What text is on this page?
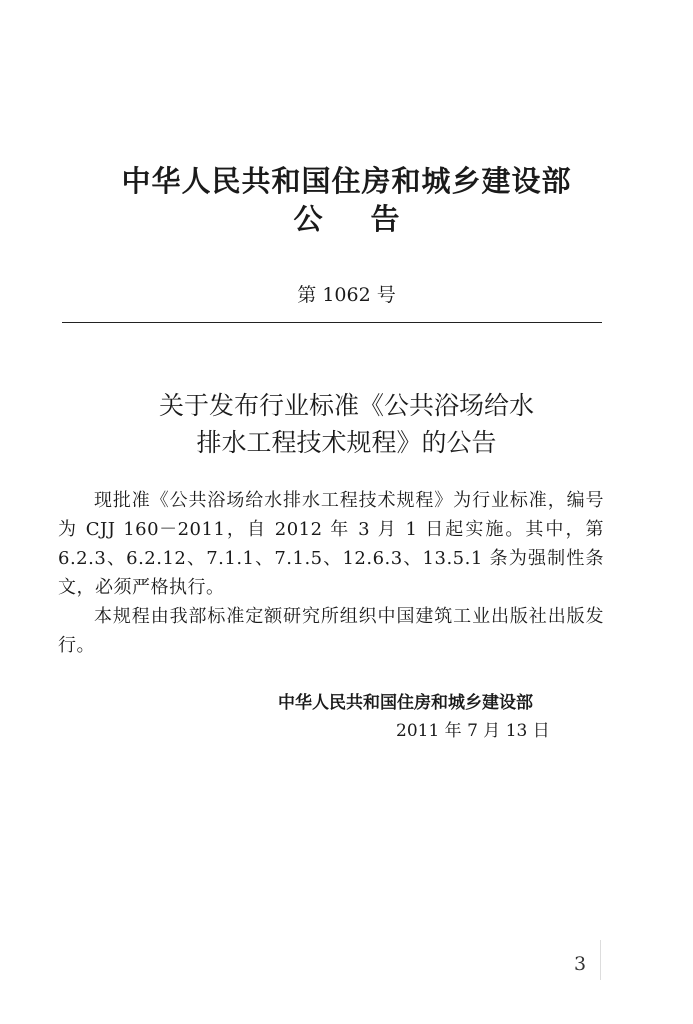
中华人民共和国住房和城乡建设部
公告
第 1062 号
关于发布行业标准《公共浴场给水
排水工程技术规程》的公告

现批准《公共浴场给水排水工程技术规程》为行业标准，编号为 CJJ 160－2011，自 2012 年 3 月 1 日起实施。其中，第 6.2.3、6.2.12、7.1.1、7.1.5、12.6.3、13.5.1 条为强制性条文，必须严格执行。

本规程由我部标准定额研究所组织中国建筑工业出版社出版发行。

中华人民共和国住房和城乡建设部
2011 年 7 月 13 日
3
